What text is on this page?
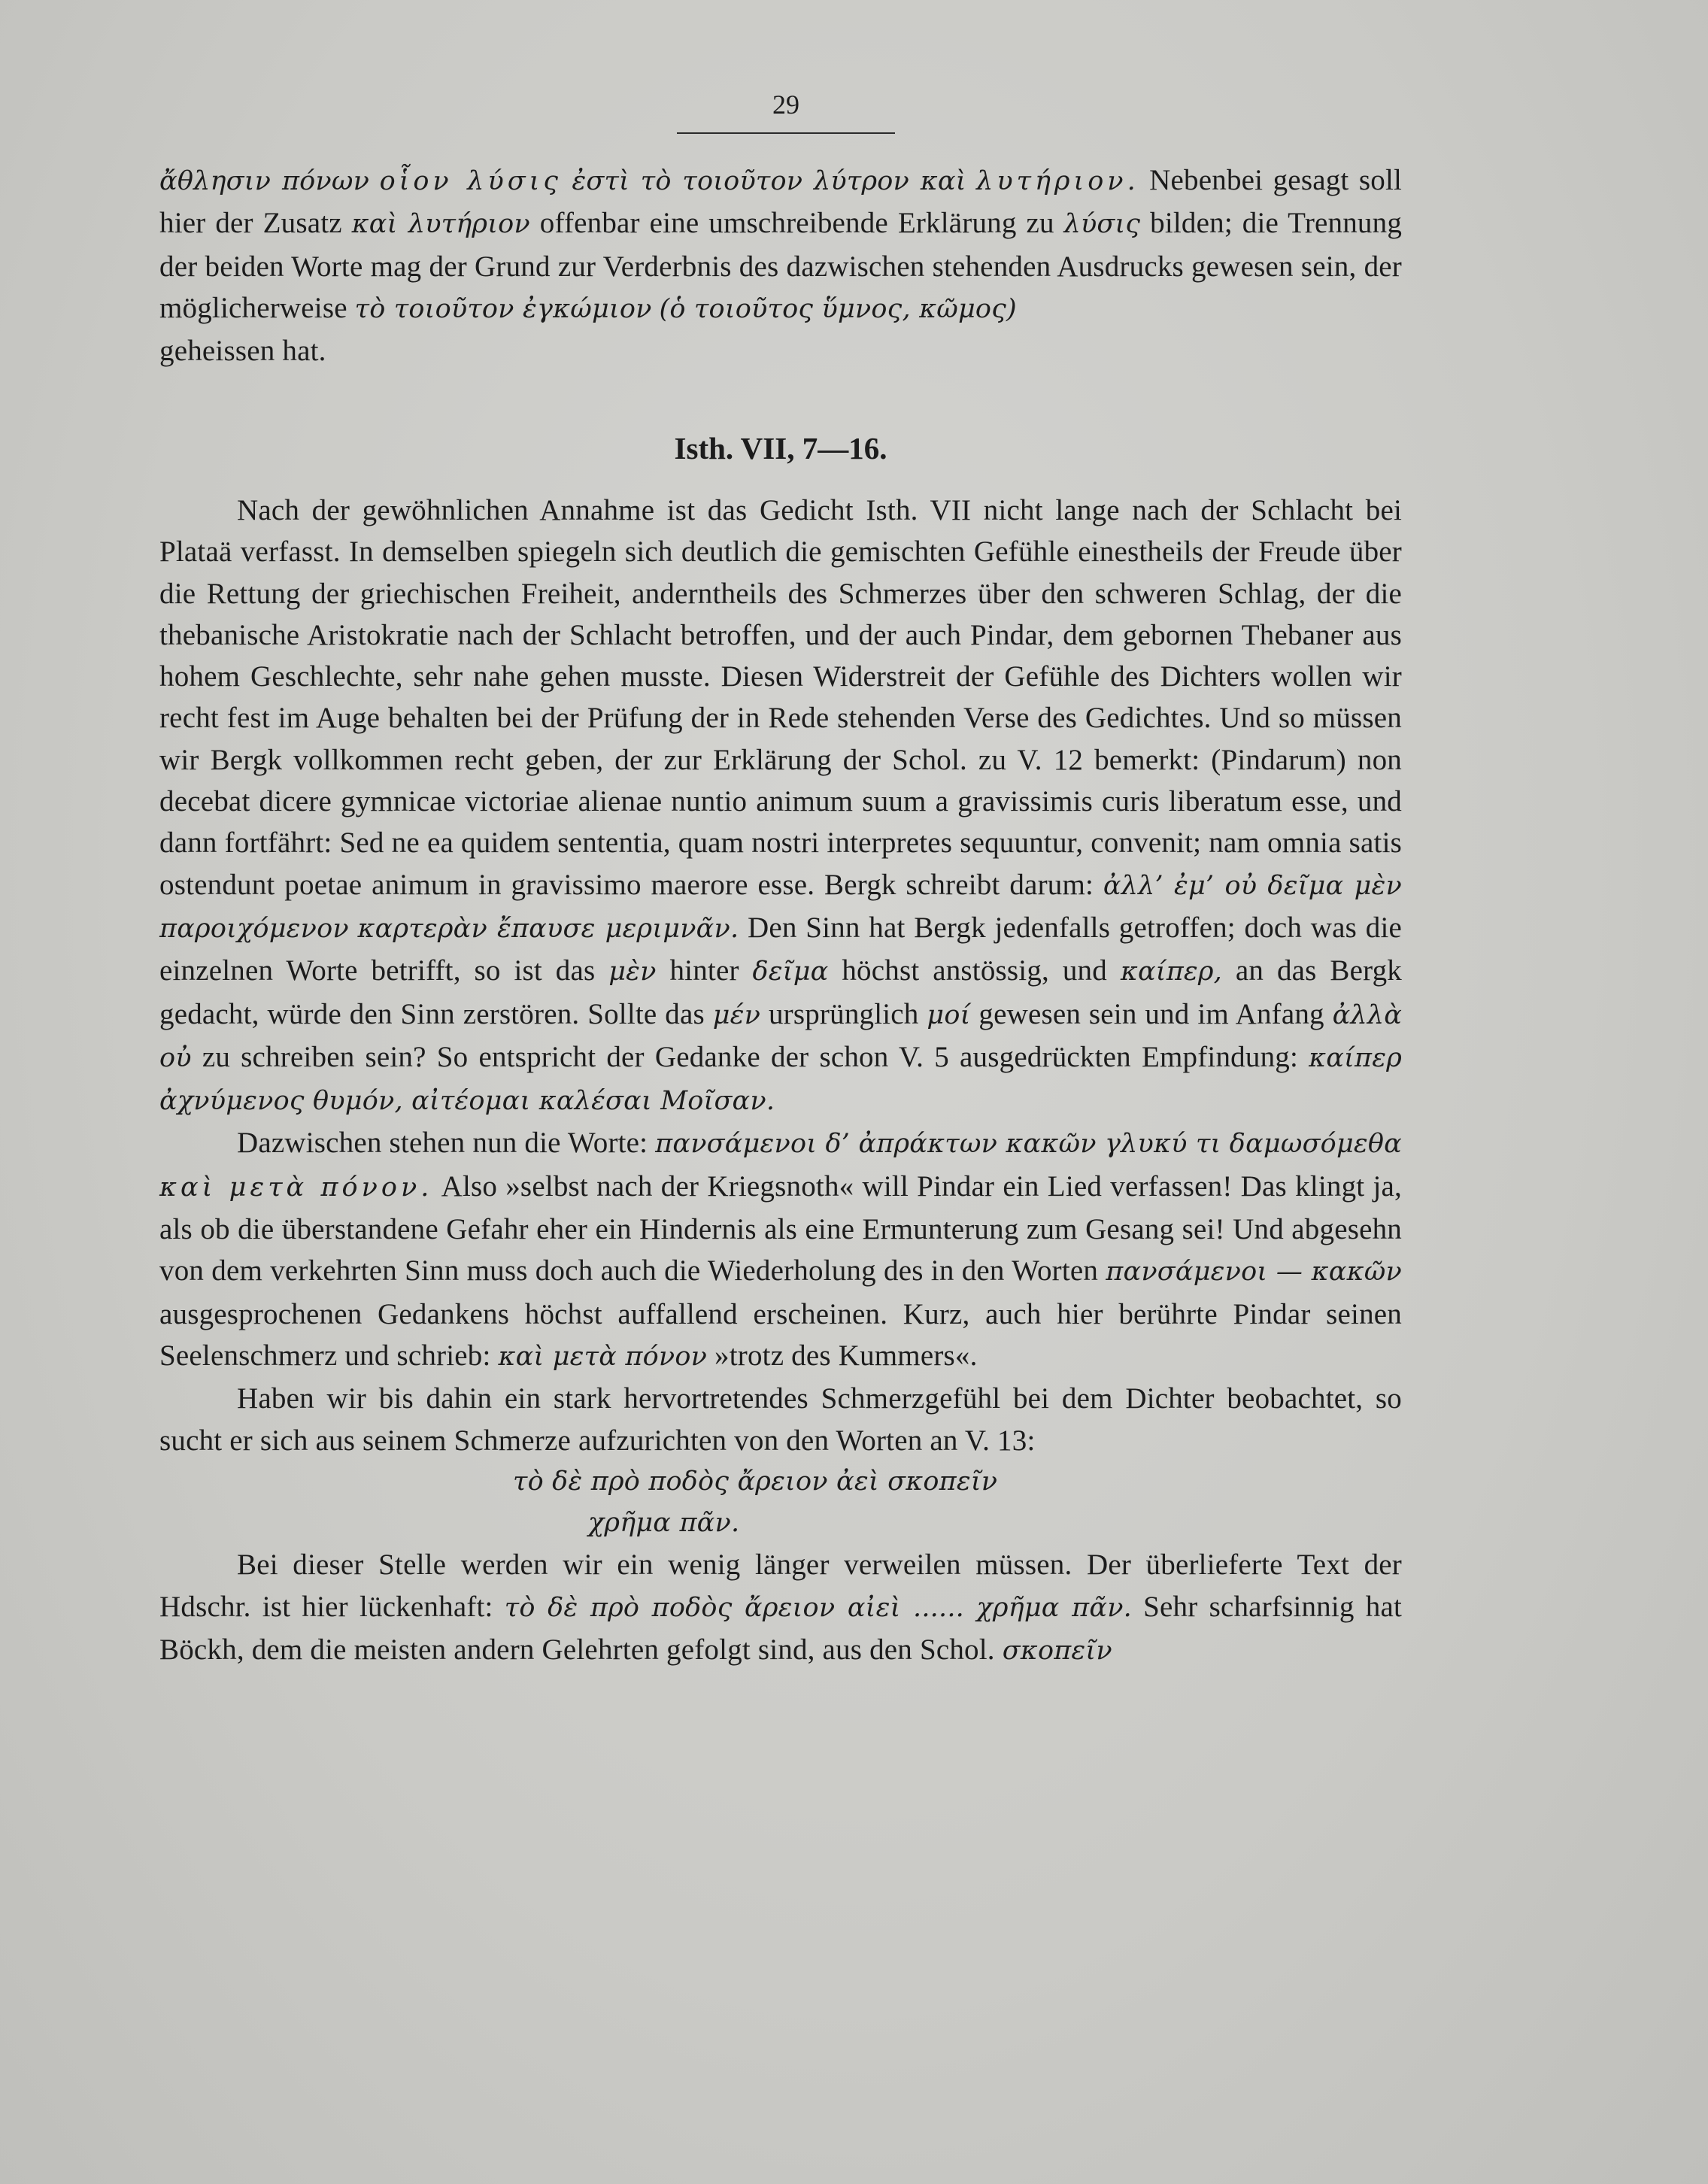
29

ἄθλησιν πόνων οἷον λύσις ἐστὶ τὸ τοιοῦτον λύτρον καὶ λυτήριον. Nebenbei gesagt soll hier der Zusatz καὶ λυτήριον offenbar eine umschreibende Erklärung zu λύσις bilden; die Trennung der beiden Worte mag der Grund zur Verderbnis des dazwischen stehenden Ausdrucks gewesen sein, der möglicherweise τὸ τοιοῦτον ἐγκώμιον (ὁ τοιοῦτος ὕμνος, κῶμος)
geheissen hat.

Isth. VII, 7—16.

Nach der gewöhnlichen Annahme ist das Gedicht Isth. VII nicht lange nach der Schlacht bei Plataä verfasst. In demselben spiegeln sich deutlich die gemischten Gefühle einestheils der Freude über die Rettung der griechischen Freiheit, anderntheils des Schmerzes über den schweren Schlag, der die thebanische Aristokratie nach der Schlacht betroffen, und der auch Pindar, dem gebornen Thebaner aus hohem Geschlechte, sehr nahe gehen musste. Diesen Widerstreit der Gefühle des Dichters wollen wir recht fest im Auge behalten bei der Prüfung der in Rede stehenden Verse des Gedichtes. Und so müssen wir Bergk vollkommen recht geben, der zur Erklärung der Schol. zu V. 12 bemerkt: (Pindarum) non decebat dicere gymnicae victoriae alienae nuntio animum suum a gravissimis curis liberatum esse, und dann fortfährt: Sed ne ea quidem sententia, quam nostri interpretes sequuntur, convenit; nam omnia satis ostendunt poetae animum in gravissimo maerore esse. Bergk schreibt darum: ἀλλ’ ἐμ’ οὐ δεῖμα μὲν παροιχόμενον καρτερὰν ἔπαυσε μεριμνᾶν. Den Sinn hat Bergk jedenfalls getroffen; doch was die einzelnen Worte betrifft, so ist das μὲν hinter δεῖμα höchst anstössig, und καίπερ, an das Bergk gedacht, würde den Sinn zerstören. Sollte das μέν ursprünglich μοί gewesen sein und im Anfang ἀλλὰ οὐ zu schreiben sein? So entspricht der Gedanke der schon V. 5 ausgedrückten Empfindung: καίπερ ἀχνύμενος θυμόν, αἰτέομαι καλέσαι Μοῖσαν.

Dazwischen stehen nun die Worte: πανσάμενοι δ’ ἀπράκτων κακῶν γλυκύ τι δαμωσόμεθα καὶ μετὰ πόνον. Also »selbst nach der Kriegsnoth« will Pindar ein Lied verfassen! Das klingt ja, als ob die überstandene Gefahr eher ein Hindernis als eine Ermunterung zum Gesang sei! Und abgesehn von dem verkehrten Sinn muss doch auch die Wiederholung des in den Worten πανσάμενοι — κακῶν ausgesprochenen Gedankens höchst auffallend erscheinen. Kurz, auch hier berührte Pindar seinen Seelenschmerz und schrieb: καὶ μετὰ πόνον »trotz des Kummers«.

Haben wir bis dahin ein stark hervortretendes Schmerzgefühl bei dem Dichter beobachtet, so sucht er sich aus seinem Schmerze aufzurichten von den Worten an V. 13:

τὸ δὲ πρὸ ποδὸς ἄρειον ἀεὶ σκοπεῖν

χρῆμα πᾶν.

Bei dieser Stelle werden wir ein wenig länger verweilen müssen. Der überlieferte Text der Hdschr. ist hier lückenhaft: τὸ δὲ πρὸ ποδὸς ἄρειον αἰεὶ ...... χρῆμα πᾶν. Sehr scharfsinnig hat Böckh, dem die meisten andern Gelehrten gefolgt sind, aus den Schol. σκοπεῖν
